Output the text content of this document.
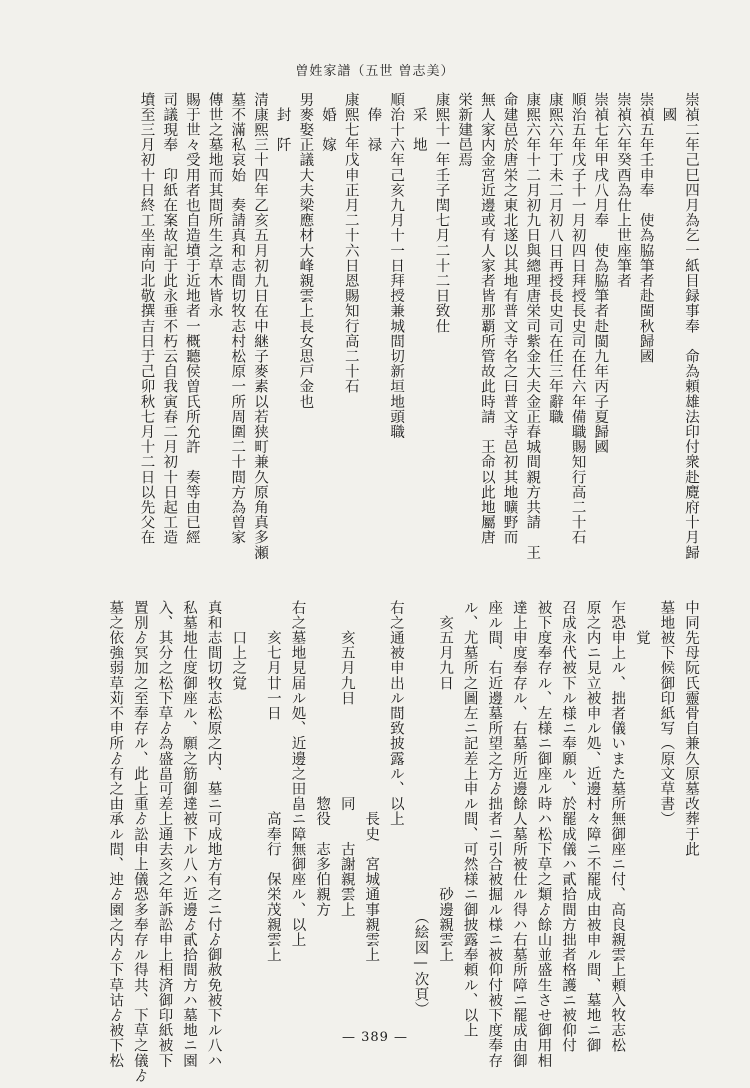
曽姓家譜（五世 曽志美）
崇禎二年己巳四月為乞一紙目録事奉　命為頼雄法印付衆赴麑府十月歸
　國
崇禎五年壬申奉　使為脇筆者赴閩秋歸國
崇禎六年癸酉為仕上世座筆者
崇禎七年甲戌八月奉　使為脇筆者赴閩九年丙子夏歸國
順治五年戊子十一月初四日拜授長史司在任六年備職賜知行高二十石
康熙六年丁未二月初八日再授長史司在任三年辭職
康熙六年十二月初九日與總理唐栄司紫金大夫金正春城間親方共請　王
命建邑於唐栄之東北遂以其地有普文寺名之曰普文寺邑初其地曠野而
無人家内金宮近邊或有人家者皆那覇所管故此時請　王命以此地屬唐
栄新建邑焉
康熙十一年壬子閏七月二十二日致仕
　采　地
順治十六年己亥九月十一日拜授兼城間切新垣地頭職
　俸　禄
康熙七年戊申正月二十六日恩賜知行高二十石
　婚　嫁
男麥娶正議大夫梁應材大峰親雲上長女思戸金也
　封　阡
清康熙三十四年乙亥五月初九日在中継子麥素以若狭町兼久原角真多瀬
墓不滿私哀始　奏請真和志間切牧志村松原一所周圍二十間方為曽家
傳世之墓地而其間所生之草木皆永
賜于世々受用者也自造墳于近地者一概聽侯曽氏所允許　奏等由已經
司議現奉　印紙在案故記于此永垂不朽云自我寅春二月初十日起工造
墳至三月初十日終工坐南向北敬撰吉日于己卯秋七月十二日以先父在
中同先母阮氏靈骨自兼久原墓改葬于此
墓地被下候御印紙写（原文草書）
　　覚
乍恐申上ル、拙者儀いまた墓所無御座ニ付、高良親雲上頼入牧志松
原之内ニ見立被申ル処、近邊村々障ニ不罷成由被申ル間、墓地ニ御
召成永代被下ル様ニ奉願ル、於罷成儀ハ貳拾間方拙者格護ニ被仰付
被下度奉存ル、左様ニ御座ル時ハ松下草之類ゟ餘山並盛生させ御用相
達上申度奉存ル、右墓所近邊餘人墓所被仕ル得ハ右墓所障ニ罷成由御
座ル間、右近邊墓所望之方ゟ拙者ニ引合被掘ル様ニ被仰付被下度奉存
ル、尤墓所之圖左ニ記差上申ル間、可然様ニ御披露奉頼ル、以上
　亥五月九日　　　　　　　　　　　　　砂邊親雲上
　　　　　　　　　　　　　　　　　　　　　（絵図—次頁）
右之通被申出ル間致披露ル、以上
　　　　　　　　　　　　　　長史　宮城通事親雲上
　　亥五月九日　　　　　　同　　古謝親雲上
　　　　　　　　　　　　　惣役　志多伯親方
右之墓地見届ル処、近邊之田畠ニ障無御座ル、以上
　　亥七月廿一日　　　　　　高奉行　保栄茂親雲上
　　口上之覚
真和志間切牧志松原之内、墓ニ可成地方有之ニ付ゟ御赦免被下ル八ハ
私墓地仕度御座ル、願之筋御達被下ル八ハ近邊ゟ貳拾間方ハ墓地ニ園
入、其分之松下草ゟ為盛畠可差上通去亥之年訴訟申上相済御印紙被下
置別ゟ冥加之至奉存ル、此上重ゟ訟申上儀恐多奉存ル得共、下草之儀ゟ
墓之依強弱草苅不申所ゟ有之由承ル間、迚ゟ園之内ゟ下草诂ゟ被下松	— 389 —
